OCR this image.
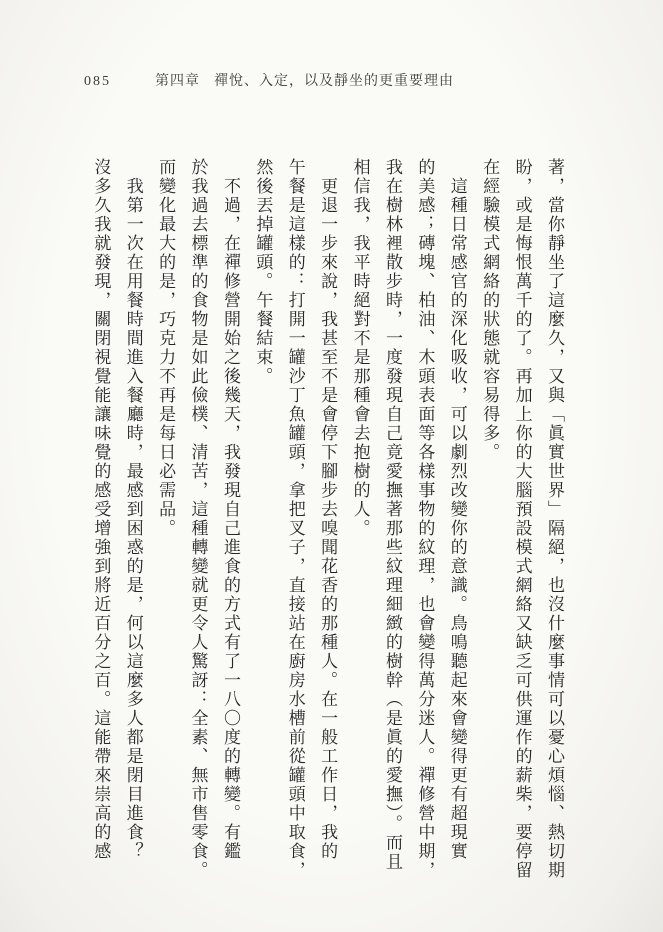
085	第四章 禪悅、入定，以及靜坐的更重要理由
著，當你靜坐了這麼久，又與「眞實世界」隔絕，也沒什麼事情可以憂心煩惱、熱切期
盼，或是悔恨萬千的了。再加上你的大腦預設模式網絡又缺乏可供運作的薪柴，要停留
在經驗模式網絡的狀態就容易得多。
這種日常感官的深化吸收，可以劇烈改變你的意識。鳥鳴聽起來會變得更有超現實
的美感；磚塊、柏油、木頭表面等各樣事物的紋理，也會變得萬分迷人。禪修營中期，
我在樹林裡散步時，一度發現自己竟愛撫著那些紋理細緻的樹幹（是眞的愛撫）。而且
相信我，我平時絕對不是那種會去抱樹的人。
更退一步來說，我甚至不是會停下腳步去嗅聞花香的那種人。在一般工作日，我的
午餐是這樣的：打開一罐沙丁魚罐頭，拿把叉子，直接站在廚房水槽前從罐頭中取食，
然後丟掉罐頭。午餐結束。
不過，在禪修營開始之後幾天，我發現自己進食的方式有了一八〇度的轉變。有鑑
於我過去標準的食物是如此儉樸、清苦，這種轉變就更令人驚訝：全素、無市售零食。
而變化最大的是，巧克力不再是每日必需品。
我第一次在用餐時間進入餐廳時，最感到困惑的是，何以這麼多人都是閉目進食？
沒多久我就發現，關閉視覺能讓味覺的感受增強到將近百分之百。這能帶來崇高的感
